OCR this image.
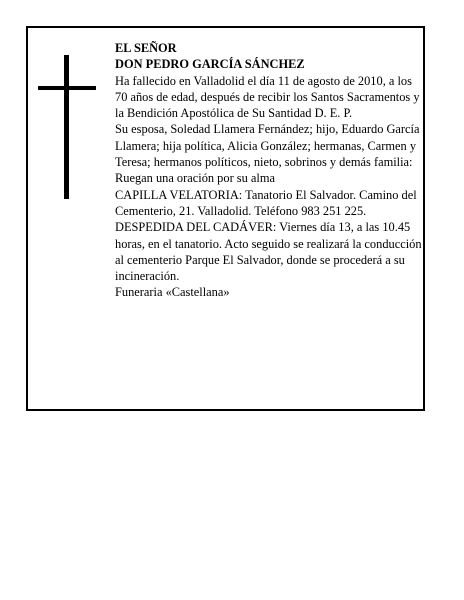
EL SEÑOR

DON PEDRO GARCÍA SÁNCHEZ

Ha fallecido en Valladolid el día 11 de agosto de 2010, a los 70 años de edad, después de recibir los Santos Sacramentos y la Bendición Apostólica de Su Santidad D. E. P.

Su esposa, Soledad Llamera Fernández; hijo, Eduardo García Llamera; hija política, Alicia González; hermanas, Carmen y Teresa; hermanos políticos, nieto, sobrinos y demás familia:

Ruegan una oración por su alma

CAPILLA VELATORIA: Tanatorio El Salvador. Camino del Cementerio, 21. Valladolid. Teléfono 983 251 225.

DESPEDIDA DEL CADÁVER: Viernes día 13, a las 10.45 horas, en el tanatorio. Acto seguido se realizará la conducción al cementerio Parque El Salvador, donde se procederá a su incineración.

Funeraria «Castellana»
